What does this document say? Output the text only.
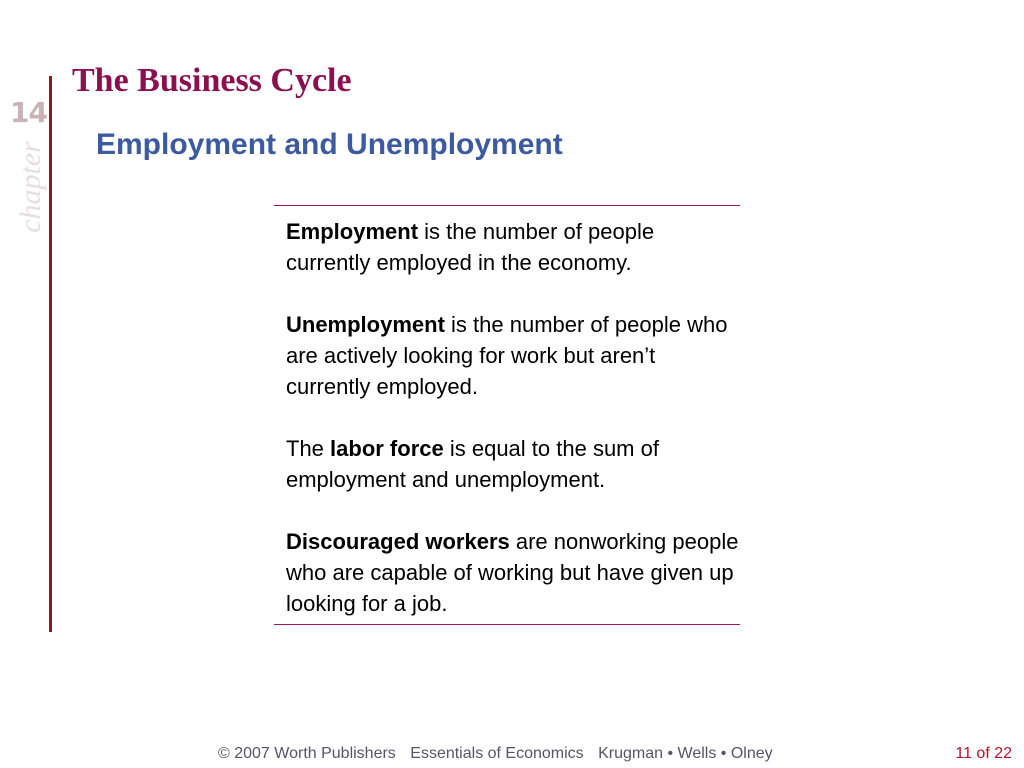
14
chapter
The Business Cycle
Employment and Unemployment

Employment is the number of people currently employed in the economy.

Unemployment is the number of people who are actively looking for work but aren’t currently employed.

The labor force is equal to the sum of employment and unemployment.

Discouraged workers are nonworking people who are capable of working but have given up looking for a job.

© 2007 Worth Publishers Essentials of Economics Krugman • Wells • Olney	11 of 22
